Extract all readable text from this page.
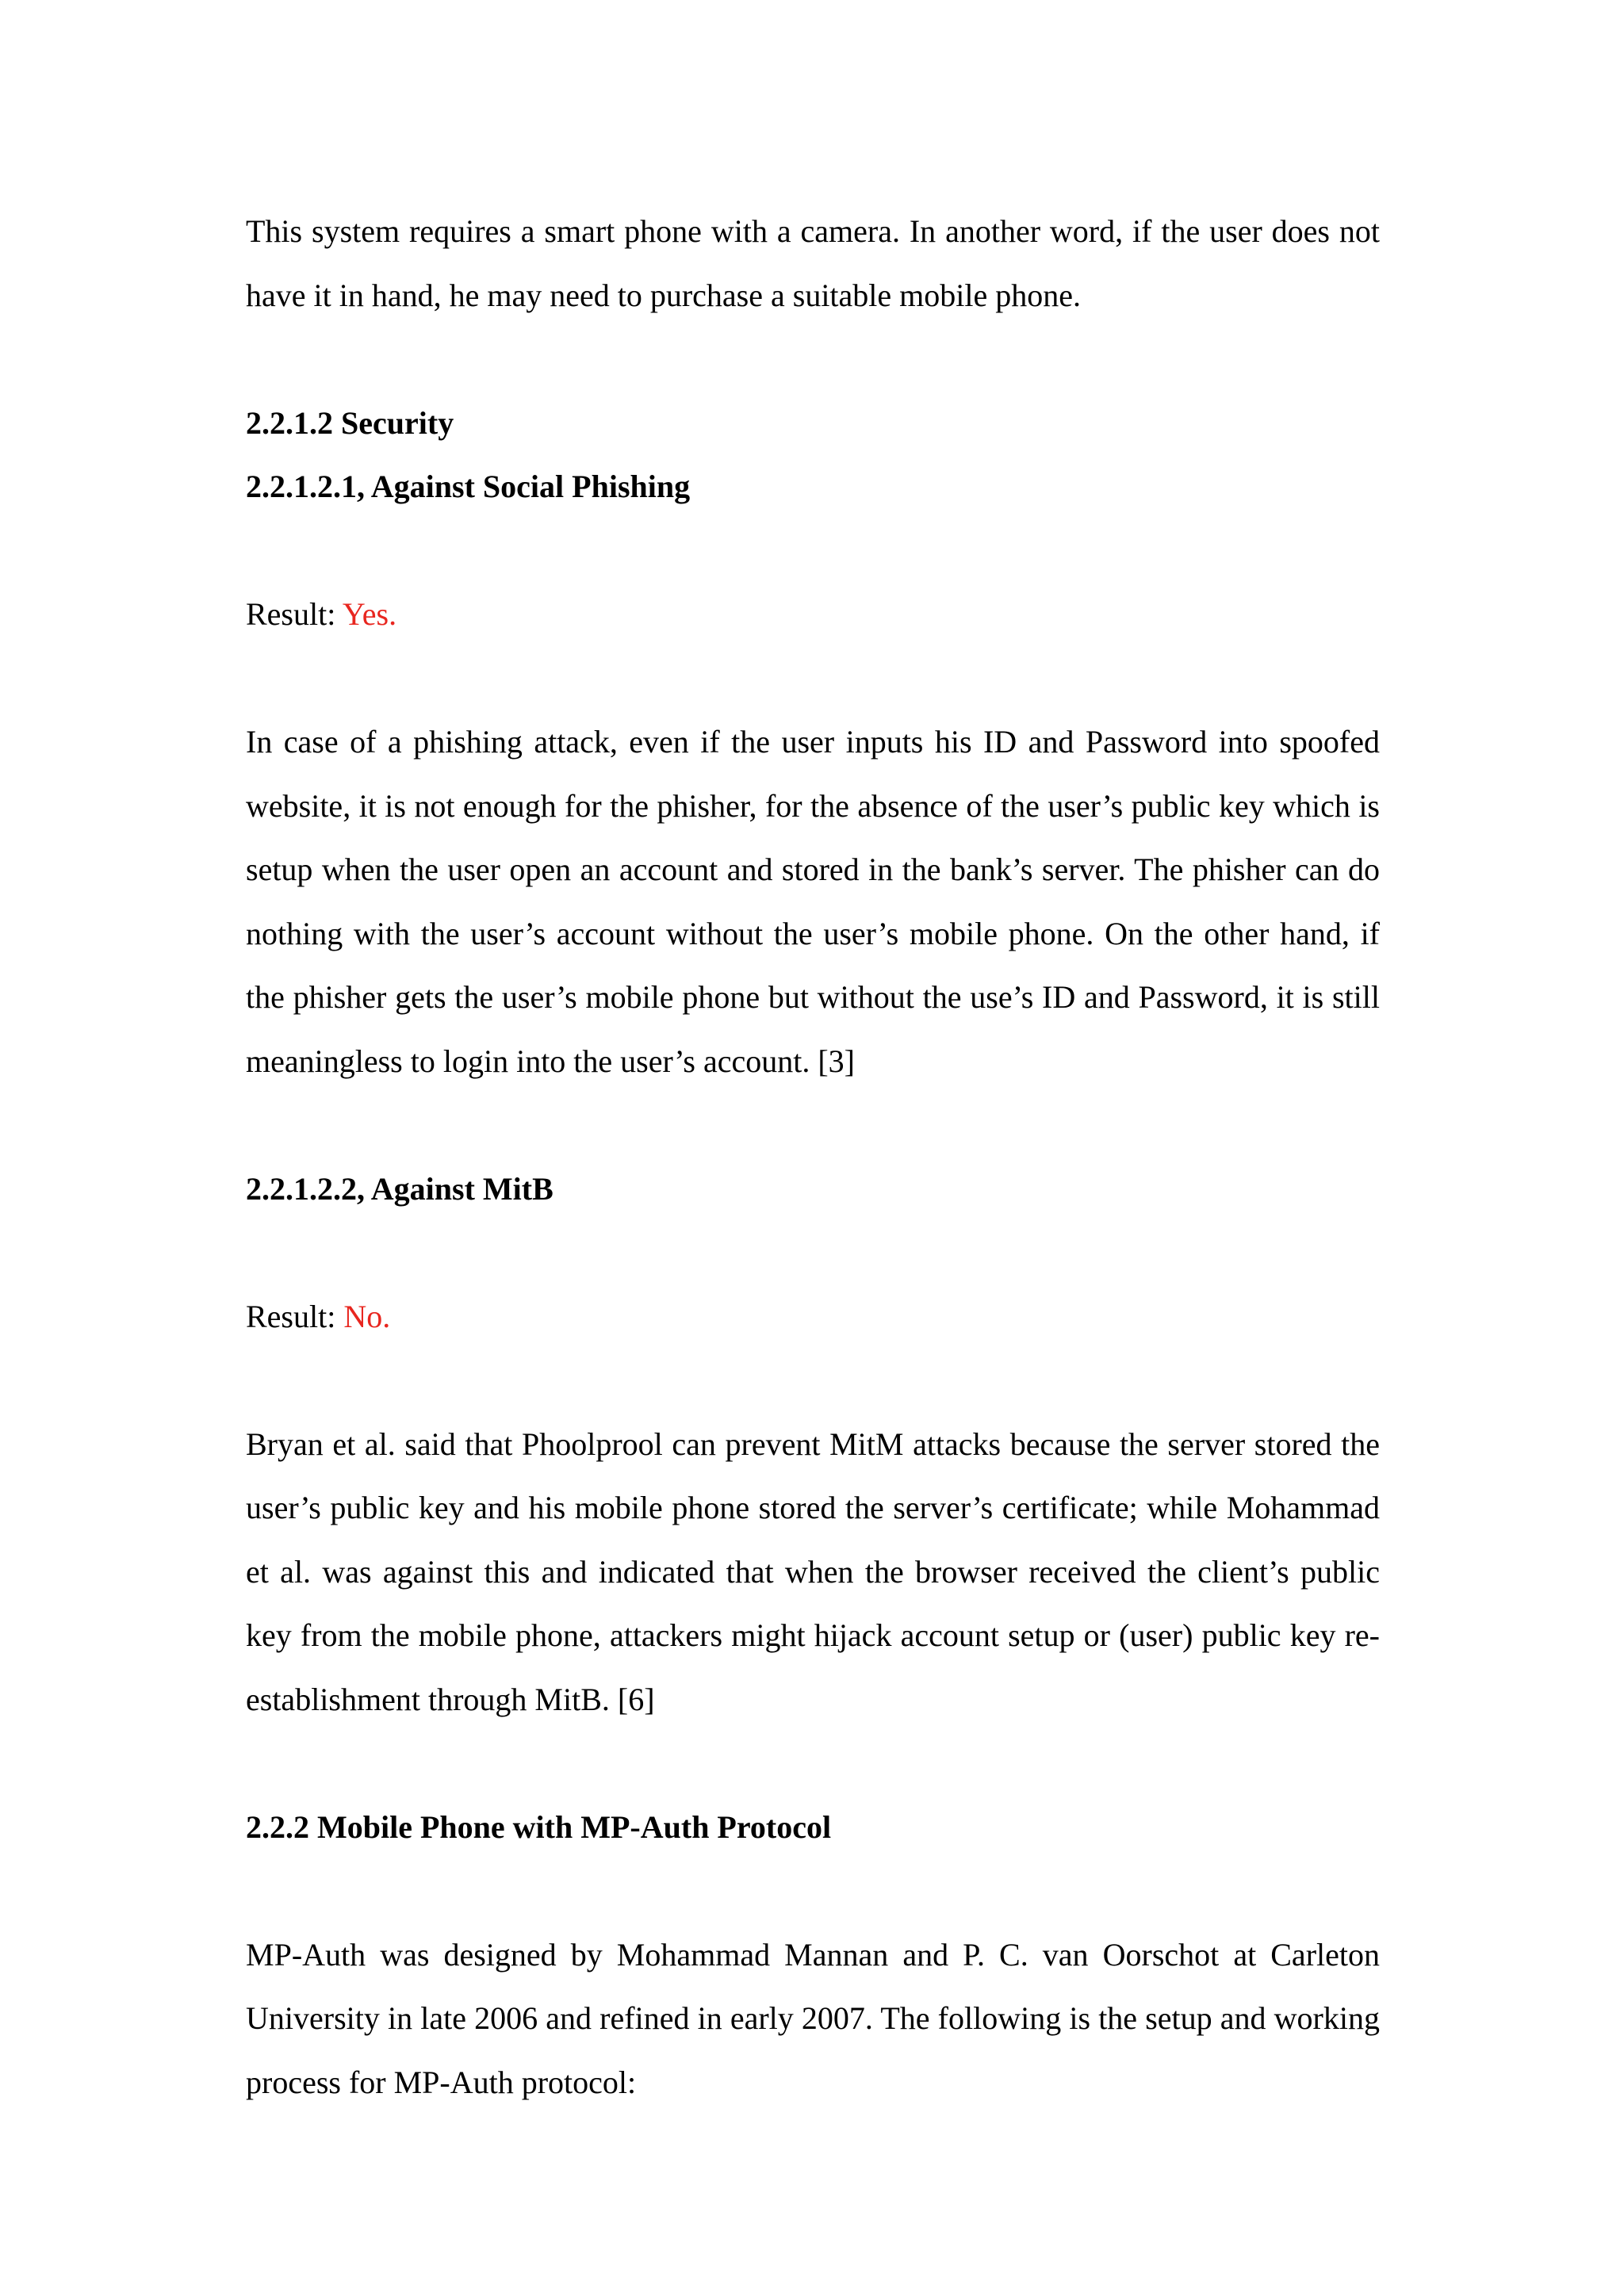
This system requires a smart phone with a camera. In another word, if the user does not have it in hand, he may need to purchase a suitable mobile phone.

2.2.1.2 Security
2.2.1.2.1, Against Social Phishing

Result: Yes.

In case of a phishing attack, even if the user inputs his ID and Password into spoofed website, it is not enough for the phisher, for the absence of the user’s public key which is setup when the user open an account and stored in the bank’s server. The phisher can do nothing with the user’s account without the user’s mobile phone. On the other hand, if the phisher gets the user’s mobile phone but without the use’s ID and Password, it is still meaningless to login into the user’s account. [3]

2.2.1.2.2, Against MitB

Result: No.

Bryan et al. said that Phoolprool can prevent MitM attacks because the server stored the user’s public key and his mobile phone stored the server’s certificate; while Mohammad et al. was against this and indicated that when the browser received the client’s public key from the mobile phone, attackers might hijack account setup or (user) public key re-establishment through MitB. [6]

2.2.2 Mobile Phone with MP-Auth Protocol

MP-Auth was designed by Mohammad Mannan and P. C. van Oorschot at Carleton University in late 2006 and refined in early 2007. The following is the setup and working process for MP-Auth protocol:
